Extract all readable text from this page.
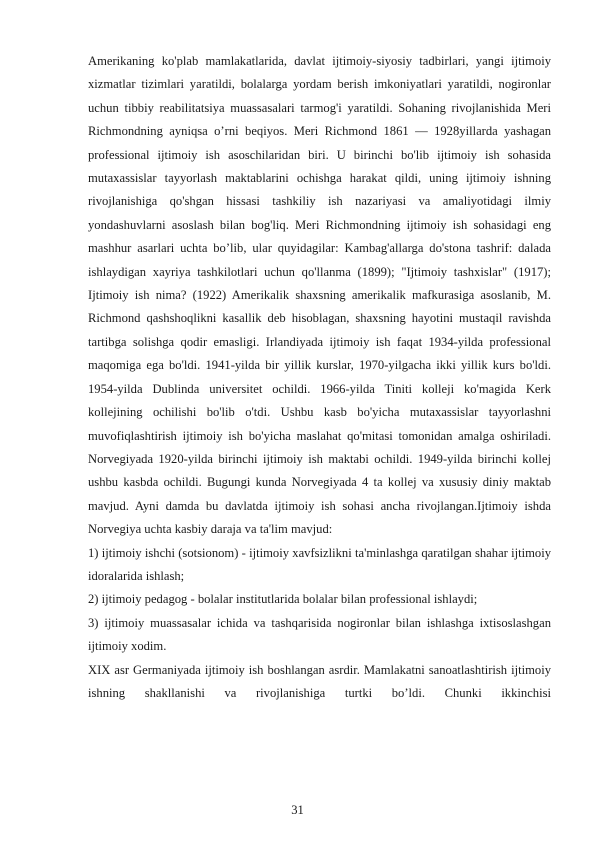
Amerikaning ko'plab mamlakatlarida, davlat ijtimoiy-siyosiy tadbirlari, yangi ijtimoiy xizmatlar tizimlari yaratildi, bolalarga yordam berish imkoniyatlari yaratildi, nogironlar uchun tibbiy reabilitatsiya muassasalari tarmog'i yaratildi. Sohaning rivojlanishida Meri Richmondning ayniqsa o’rni beqiyos. Meri Richmond 1861 — 1928yillarda yashagan professional ijtimoiy ish asoschilaridan biri. U birinchi bo'lib ijtimoiy ish sohasida mutaxassislar tayyorlash maktablarini ochishga harakat qildi, uning ijtimoiy ishning rivojlanishiga qo'shgan hissasi tashkiliy ish nazariyasi va amaliyotidagi ilmiy yondashuvlarni asoslash bilan bog'liq. Meri Richmondning ijtimoiy ish sohasidagi eng mashhur asarlari uchta bo’lib, ular quyidagilar: Kambag'allarga do'stona tashrif: dalada ishlaydigan xayriya tashkilotlari uchun qo'llanma (1899); "Ijtimoiy tashxislar" (1917); Ijtimoiy ish nima? (1922) Amerikalik shaxsning amerikalik mafkurasiga asoslanib, M. Richmond qashshoqlikni kasallik deb hisoblagan, shaxsning hayotini mustaqil ravishda tartibga solishga qodir emasligi. Irlandiyada ijtimoiy ish faqat 1934-yilda professional maqomiga ega bo'ldi. 1941-yilda bir yillik kurslar, 1970-yilgacha ikki yillik kurs bo'ldi. 1954-yilda Dublinda universitet ochildi. 1966-yilda Tiniti kolleji ko'magida Kerk kollejining ochilishi bo'lib o'tdi. Ushbu kasb bo'yicha mutaxassislar tayyorlashni muvofiqlashtirish ijtimoiy ish bo'yicha maslahat qo'mitasi tomonidan amalga oshiriladi. Norvegiyada 1920-yilda birinchi ijtimoiy ish maktabi ochildi. 1949-yilda birinchi kollej ushbu kasbda ochildi. Bugungi kunda Norvegiyada 4 ta kollej va xususiy diniy maktab mavjud. Ayni damda bu davlatda ijtimoiy ish sohasi ancha rivojlangan.Ijtimoiy ishda Norvegiya uchta kasbiy daraja va ta'lim mavjud:

1) ijtimoiy ishchi (sotsionom) - ijtimoiy xavfsizlikni ta'minlashga qaratilgan shahar ijtimoiy idoralarida ishlash;

2) ijtimoiy pedagog - bolalar institutlarida bolalar bilan professional ishlaydi;

3) ijtimoiy muassasalar ichida va tashqarisida nogironlar bilan ishlashga ixtisoslashgan ijtimoiy xodim.

XIX asr Germaniyada ijtimoiy ish boshlangan asrdir. Mamlakatni sanoatlashtirish ijtimoiy ishning shakllanishi va rivojlanishiga turtki bo’ldi. Chunki ikkinchisi

31
